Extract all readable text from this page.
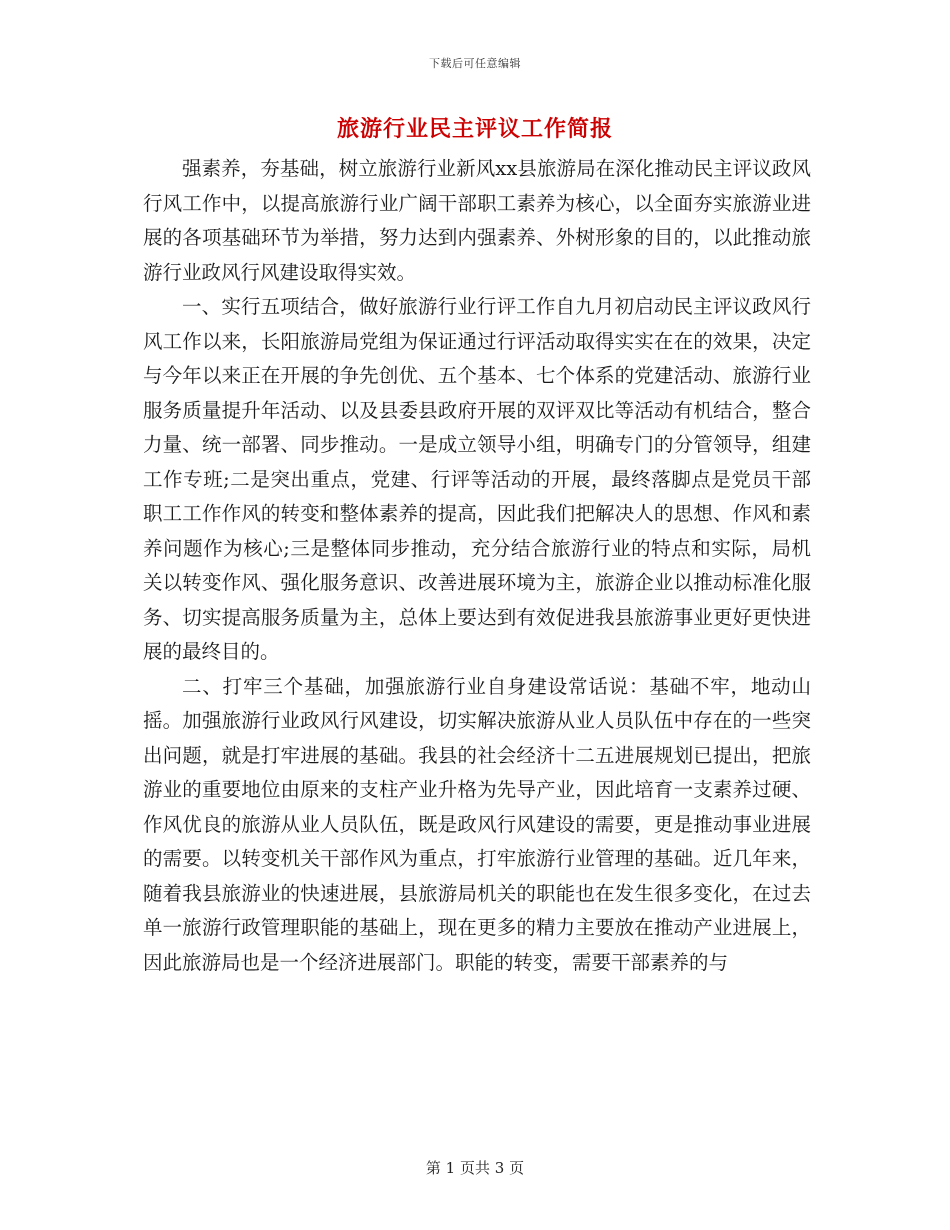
下载后可任意编辑
旅游行业民主评议工作简报

强素养，夯基础，树立旅游行业新风xx县旅游局在深化推动民主评议政风行风工作中，以提高旅游行业广阔干部职工素养为核心，以全面夯实旅游业进展的各项基础环节为举措，努力达到内强素养、外树形象的目的，以此推动旅游行业政风行风建设取得实效。

一、实行五项结合，做好旅游行业行评工作自九月初启动民主评议政风行风工作以来，长阳旅游局党组为保证通过行评活动取得实实在在的效果，决定与今年以来正在开展的争先创优、五个基本、七个体系的党建活动、旅游行业服务质量提升年活动、以及县委县政府开展的双评双比等活动有机结合，整合力量、统一部署、同步推动。一是成立领导小组，明确专门的分管领导，组建工作专班;二是突出重点，党建、行评等活动的开展，最终落脚点是党员干部职工工作作风的转变和整体素养的提高，因此我们把解决人的思想、作风和素养问题作为核心;三是整体同步推动，充分结合旅游行业的特点和实际，局机关以转变作风、强化服务意识、改善进展环境为主，旅游企业以推动标准化服务、切实提高服务质量为主，总体上要达到有效促进我县旅游事业更好更快进展的最终目的。

二、打牢三个基础，加强旅游行业自身建设常话说：基础不牢，地动山摇。加强旅游行业政风行风建设，切实解决旅游从业人员队伍中存在的一些突出问题，就是打牢进展的基础。我县的社会经济十二五进展规划已提出，把旅游业的重要地位由原来的支柱产业升格为先导产业，因此培育一支素养过硬、作风优良的旅游从业人员队伍，既是政风行风建设的需要，更是推动事业进展的需要。以转变机关干部作风为重点，打牢旅游行业管理的基础。近几年来，随着我县旅游业的快速进展，县旅游局机关的职能也在发生很多变化，在过去单一旅游行政管理职能的基础上，现在更多的精力主要放在推动产业进展上，因此旅游局也是一个经济进展部门。职能的转变，需要干部素养的与

第 1 页共 3 页
